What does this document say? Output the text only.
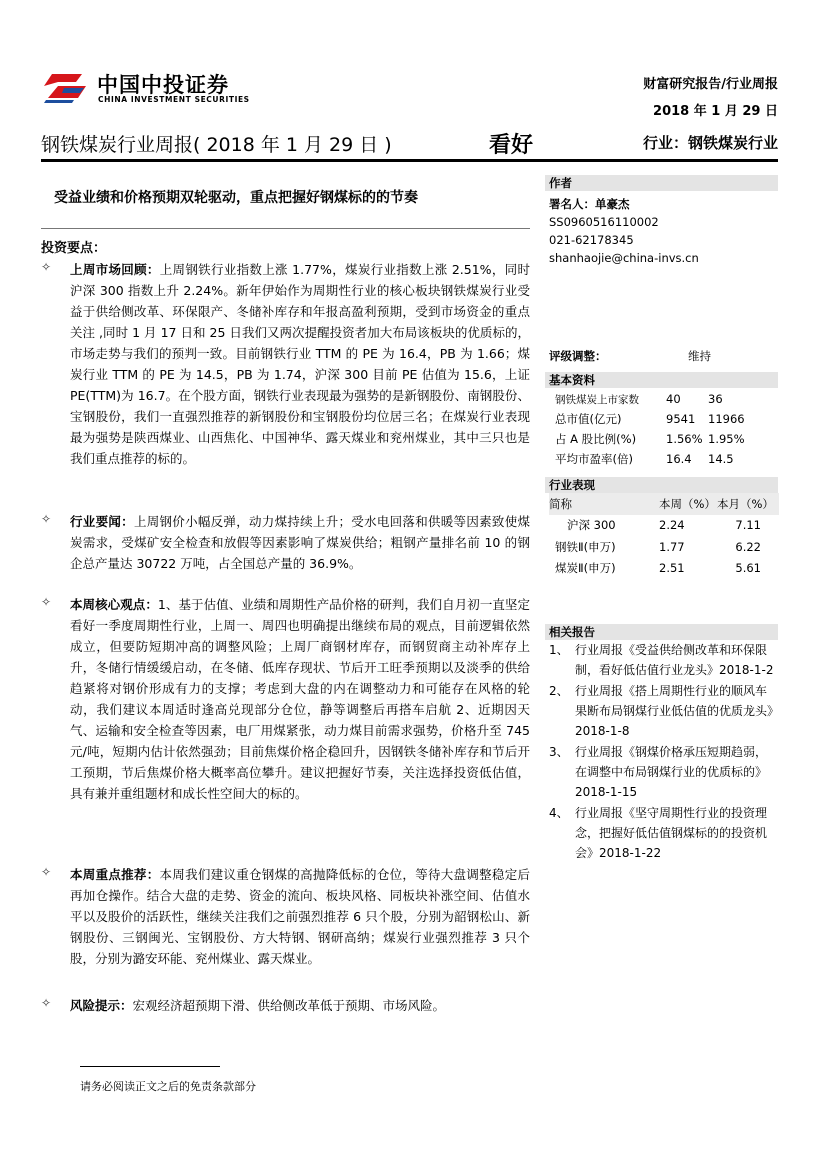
中国中投证券
CHINA INVESTMENT SECURITIES
财富研究报告/行业周报
2018 年 1 月 29 日
钢铁煤炭行业周报( 2018 年 1 月 29 日 )	看好	行业：钢铁煤炭行业
受益业绩和价格预期双轮驱动，重点把握好钢煤标的的节奏
投资要点：
✧ 上周市场回顾：上周钢铁行业指数上涨 1.77%，煤炭行业指数上涨 2.51%，同时沪深 300 指数上升 2.24%。新年伊始作为周期性行业的核心板块钢铁煤炭行业受益于供给侧改革、环保限产、冬储补库存和年报高盈利预期，受到市场资金的重点关注 ,同时 1 月 17 日和 25 日我们又两次提醒投资者加大布局该板块的优质标的，市场走势与我们的预判一致。目前钢铁行业 TTM 的 PE 为 16.4，PB 为 1.66；煤炭行业 TTM 的 PE 为 14.5，PB 为 1.74，沪深 300 目前 PE 估值为 15.6，上证 PE(TTM)为 16.7。在个股方面，钢铁行业表现最为强势的是新钢股份、南钢股份、宝钢股份，我们一直强烈推荐的新钢股份和宝钢股份均位居三名；在煤炭行业表现最为强势是陕西煤业、山西焦化、中国神华、露天煤业和兖州煤业，其中三只也是我们重点推荐的标的。
✧ 行业要闻：上周钢价小幅反弹，动力煤持续上升；受水电回落和供暖等因素致使煤炭需求，受煤矿安全检查和放假等因素影响了煤炭供给；粗钢产量排名前 10 的钢企总产量达 30722 万吨，占全国总产量的 36.9%。
✧ 本周核心观点：1、基于估值、业绩和周期性产品价格的研判，我们自月初一直坚定看好一季度周期性行业，上周一、周四也明确提出继续布局的观点，目前逻辑依然成立，但要防短期冲高的调整风险；上周厂商钢材库存，而钢贸商主动补库存上升，冬储行情缓缓启动，在冬储、低库存现状、节后开工旺季预期以及淡季的供给趋紧将对钢价形成有力的支撑；考虑到大盘的内在调整动力和可能存在风格的轮动，我们建议本周适时逢高兑现部分仓位，静等调整后再搭车启航 2、近期因天气、运输和安全检查等因素，电厂用煤紧张，动力煤目前需求强势，价格升至 745 元/吨，短期内估计依然强劲；目前焦煤价格企稳回升，因钢铁冬储补库存和节后开工预期，节后焦煤价格大概率高位攀升。建议把握好节奏，关注选择投资低估值，具有兼并重组题材和成长性空间大的标的。
✧ 本周重点推荐：本周我们建议重仓钢煤的高抛降低标的仓位，等待大盘调整稳定后再加仓操作。结合大盘的走势、资金的流向、板块风格、同板块补涨空间、估值水平以及股价的活跃性，继续关注我们之前强烈推荐 6 只个股，分别为韶钢松山、新钢股份、三钢闽光、宝钢股份、方大特钢、钢研高纳；煤炭行业强烈推荐 3 只个股，分别为潞安环能、兖州煤业、露天煤业。
✧ 风险提示：宏观经济超预期下滑、供给侧改革低于预期、市场风险。
请务必阅读正文之后的免责条款部分
作者
署名人：单豪杰
SS0960516110002
021-62178345
shanhaojie@china-invs.cn
评级调整：	维持
基本资料
钢铁煤炭上市家数	40	36
总市值(亿元)	9541	11966
占 A 股比例(%)	1.56%	1.95%
平均市盈率(倍)	16.4	14.5
行业表现
简称	本周（%）	本月（%）
沪深 300	2.24	7.11
钢铁Ⅱ(申万)	1.77	6.22
煤炭Ⅱ(申万)	2.51	5.61
相关报告
1、 行业周报《受益供给侧改革和环保限制，看好低估值行业龙头》2018-1-2
2、 行业周报《搭上周期性行业的顺风车果断布局钢煤行业低估值的优质龙头》2018-1-8
3、 行业周报《钢煤价格承压短期趋弱，在调整中布局钢煤行业的优质标的》2018-1-15
4、 行业周报《坚守周期性行业的投资理念，把握好低估值钢煤标的的投资机会》2018-1-22
